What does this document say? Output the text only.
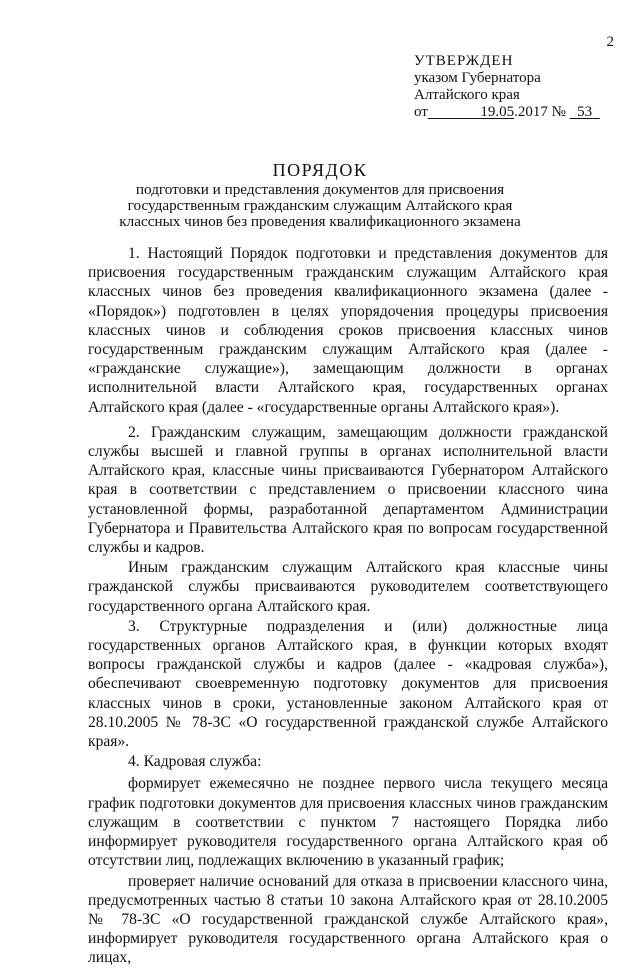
2
УТВЕРЖДЕН
указом Губернатора
Алтайского края
от	19.05.2017 № 53
ПОРЯДОК
подготовки и представления документов для присвоения
государственным гражданским служащим Алтайского края
классных чинов без проведения квалификационного экзамена

1. Настоящий Порядок подготовки и представления документов для присвоения государственным гражданским служащим Алтайского края классных чинов без проведения квалификационного экзамена (далее - «Порядок») подготовлен в целях упорядочения процедуры присвоения классных чинов и соблюдения сроков присвоения классных чинов государственным гражданским служащим Алтайского края (далее - «гражданские служащие»), замещающим должности в органах исполнительной власти Алтайского края, государственных органах Алтайского края (далее - «государственные органы Алтайского края»).

2. Гражданским служащим, замещающим должности гражданской службы высшей и главной группы в органах исполнительной власти Алтайского края, классные чины присваиваются Губернатором Алтайского края в соответствии с представлением о присвоении классного чина установленной формы, разработанной департаментом Администрации Губернатора и Правительства Алтайского края по вопросам государственной службы и кадров.

Иным гражданским служащим Алтайского края классные чины гражданской службы присваиваются руководителем соответствующего государственного органа Алтайского края.

3. Структурные подразделения и (или) должностные лица государственных органов Алтайского края, в функции которых входят вопросы гражданской службы и кадров (далее - «кадровая служба»), обеспечивают своевременную подготовку документов для присвоения классных чинов в сроки, установленные законом Алтайского края от 28.10.2005 № 78-ЗС «О государственной гражданской службе Алтайского края».

4. Кадровая служба:

формирует ежемесячно не позднее первого числа текущего месяца график подготовки документов для присвоения классных чинов гражданским служащим в соответствии с пунктом 7 настоящего Порядка либо информирует руководителя государственного органа Алтайского края об отсутствии лиц, подлежащих включению в указанный график;

проверяет наличие оснований для отказа в присвоении классного чина, предусмотренных частью 8 статьи 10 закона Алтайского края от 28.10.2005 № 78-ЗС «О государственной гражданской службе Алтайского края», информирует руководителя государственного органа Алтайского края о лицах,
